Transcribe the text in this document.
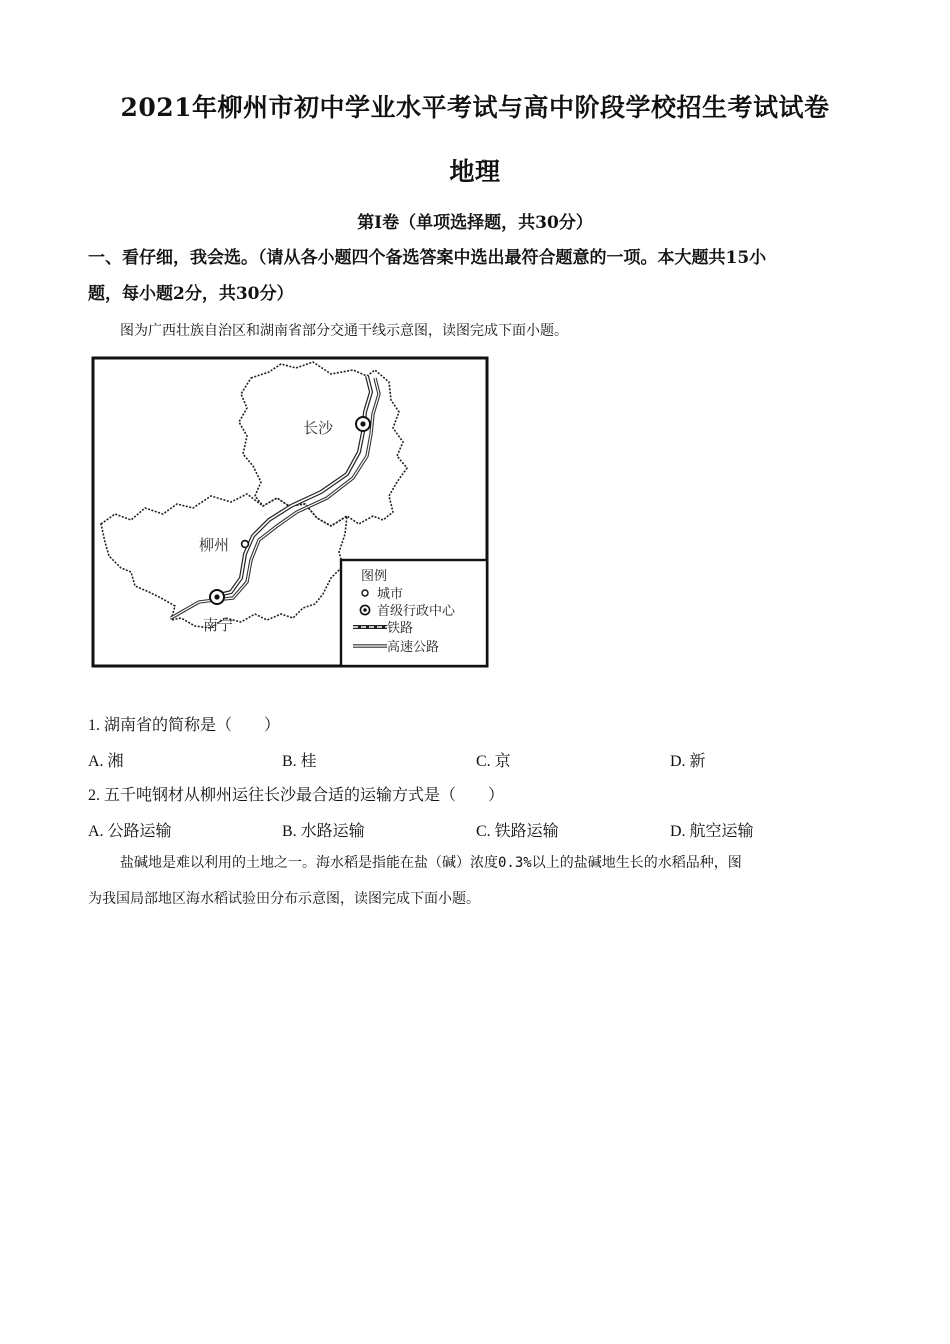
2021年柳州市初中学业水平考试与高中阶段学校招生考试试卷
地理
第Ⅰ卷（单项选择题，共30分）
一、看仔细，我会选。（请从各小题四个备选答案中选出最符合题意的一项。本大题共15小
题，每小题2分，共30分）
图为广西壮族自治区和湖南省部分交通干线示意图，读图完成下面小题。
长沙
柳州
南宁
图例
城市
首级行政中心
铁路
高速公路
1. 湖南省的简称是（　　）
A. 湘	B. 桂	C. 京	D. 新
2. 五千吨钢材从柳州运往长沙最合适的运输方式是（　　）
A. 公路运输	B. 水路运输	C. 铁路运输	D. 航空运输
盐碱地是难以利用的土地之一。海水稻是指能在盐（碱）浓度0.3%以上的盐碱地生长的水稻品种，图
为我国局部地区海水稻试验田分布示意图，读图完成下面小题。
